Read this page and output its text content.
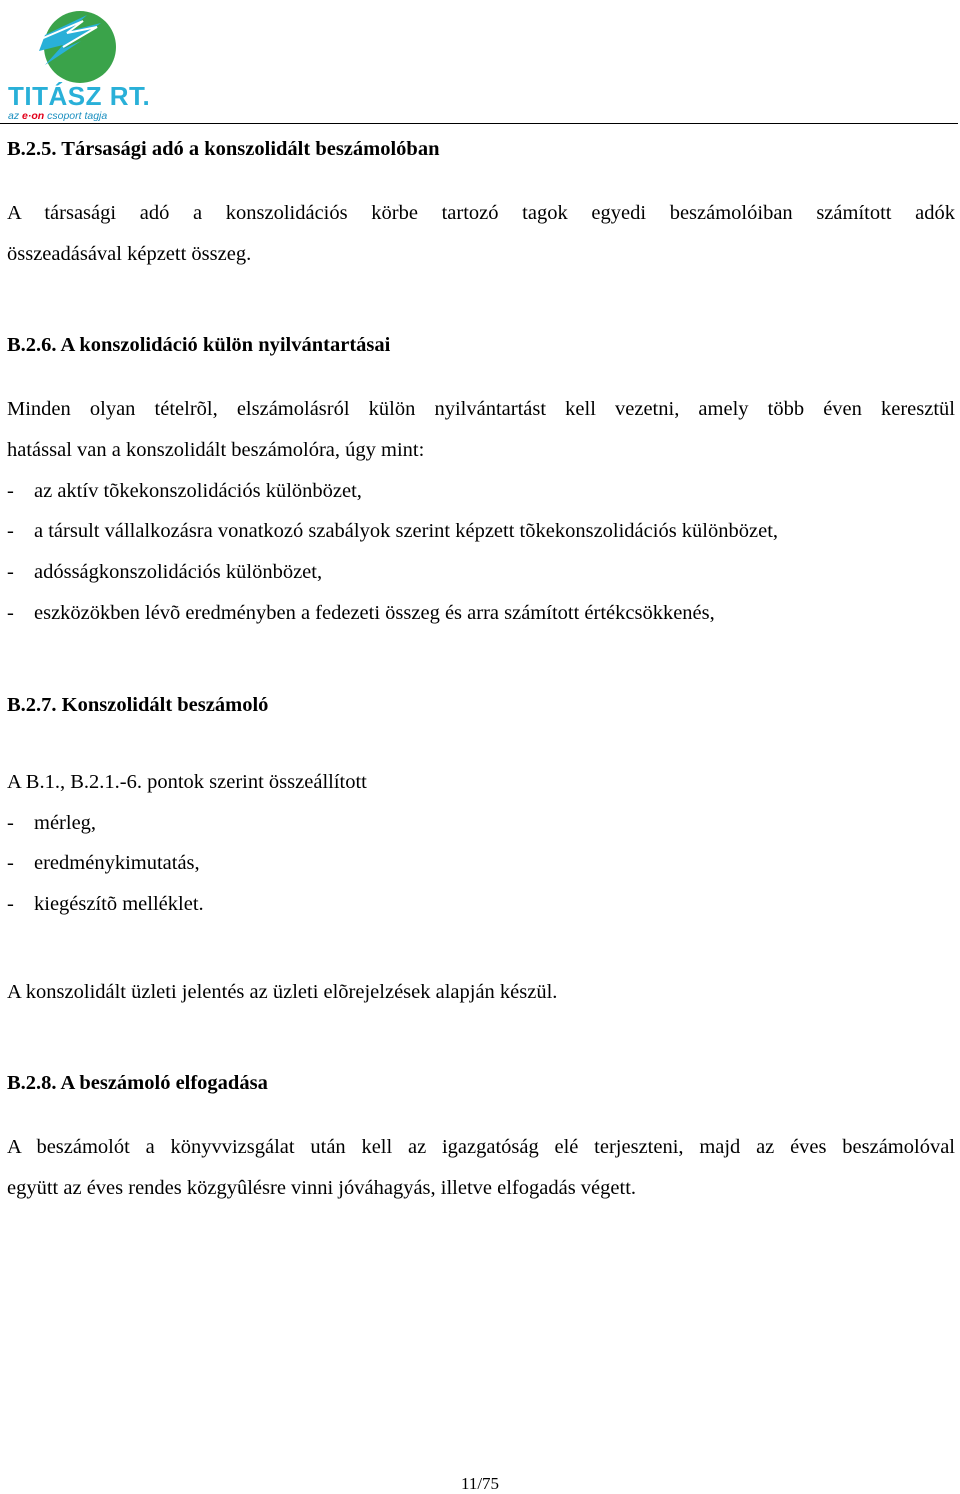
TITÁSZ RT.
az e·on csoport tagja
B.2.5. Társasági adó a konszolidált beszámolóban
A társasági adó a konszolidációs körbe tartozó tagok egyedi beszámolóiban számított adók
összeadásával képzett összeg.
B.2.6. A konszolidáció külön nyilvántartásai
Minden olyan tételrõl, elszámolásról külön nyilvántartást kell vezetni, amely több éven keresztül
hatással van a konszolidált beszámolóra, úgy mint:
- az aktív tõkekonszolidációs különbözet,
- a társult vállalkozásra vonatkozó szabályok szerint képzett tõkekonszolidációs különbözet,
- adósságkonszolidációs különbözet,
- eszközökben lévõ eredményben a fedezeti összeg és arra számított értékcsökkenés,
B.2.7. Konszolidált beszámoló
A B.1., B.2.1.-6. pontok szerint összeállított
- mérleg,
- eredménykimutatás,
- kiegészítõ melléklet.
A konszolidált üzleti jelentés az üzleti elõrejelzések alapján készül.
B.2.8. A beszámoló elfogadása
A beszámolót a könyvvizsgálat után kell az igazgatóság elé terjeszteni, majd az éves beszámolóval
együtt az éves rendes közgyûlésre vinni jóváhagyás, illetve elfogadás végett.
11/75
